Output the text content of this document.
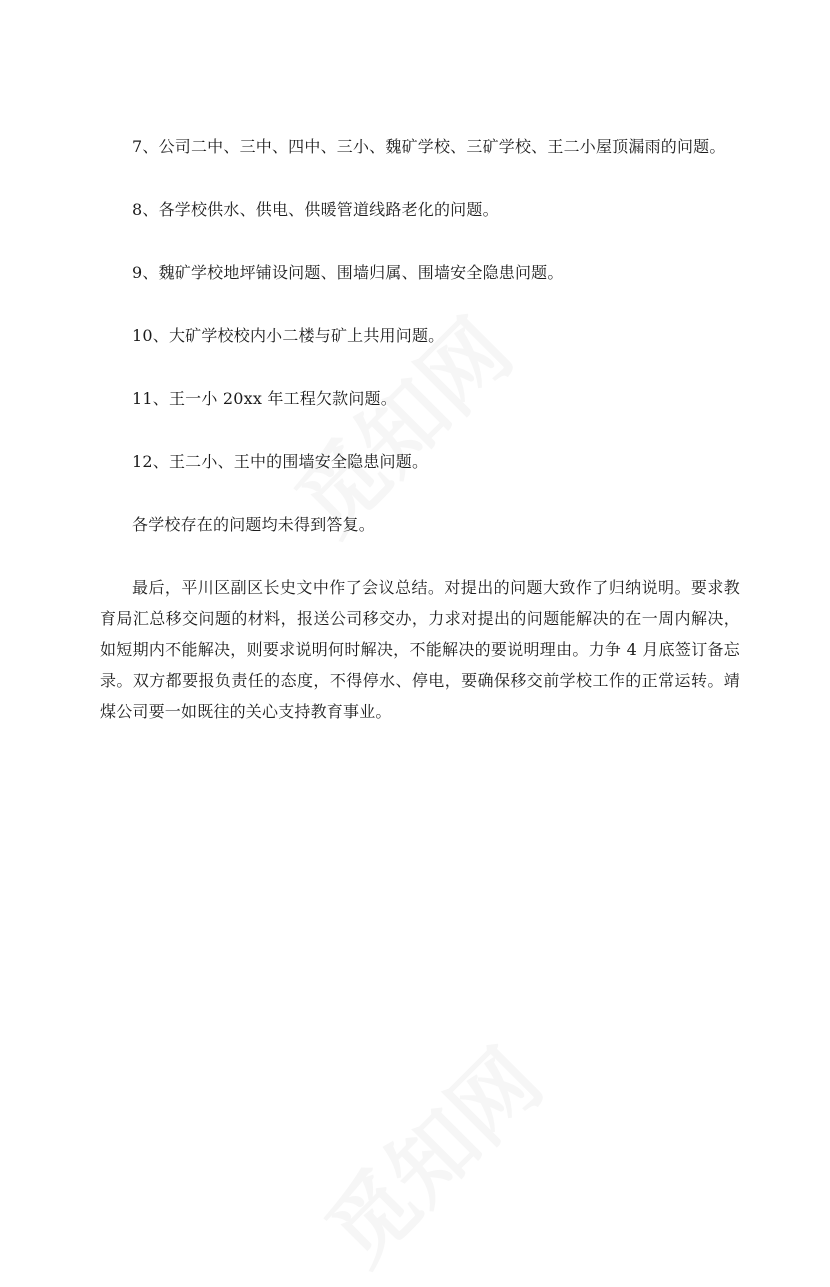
7、公司二中、三中、四中、三小、魏矿学校、三矿学校、王二小屋顶漏雨的问题。

8、各学校供水、供电、供暖管道线路老化的问题。

9、魏矿学校地坪铺设问题、围墙归属、围墙安全隐患问题。

10、大矿学校校内小二楼与矿上共用问题。

11、王一小 20xx 年工程欠款问题。

12、王二小、王中的围墙安全隐患问题。

各学校存在的问题均未得到答复。

最后，平川区副区长史文中作了会议总结。对提出的问题大致作了归纳说明。要求教育局汇总移交问题的材料，报送公司移交办，力求对提出的问题能解决的在一周内解决，如短期内不能解决，则要求说明何时解决，不能解决的要说明理由。力争 4 月底签订备忘录。双方都要报负责任的态度，不得停水、停电，要确保移交前学校工作的正常运转。靖煤公司要一如既往的关心支持教育事业。
